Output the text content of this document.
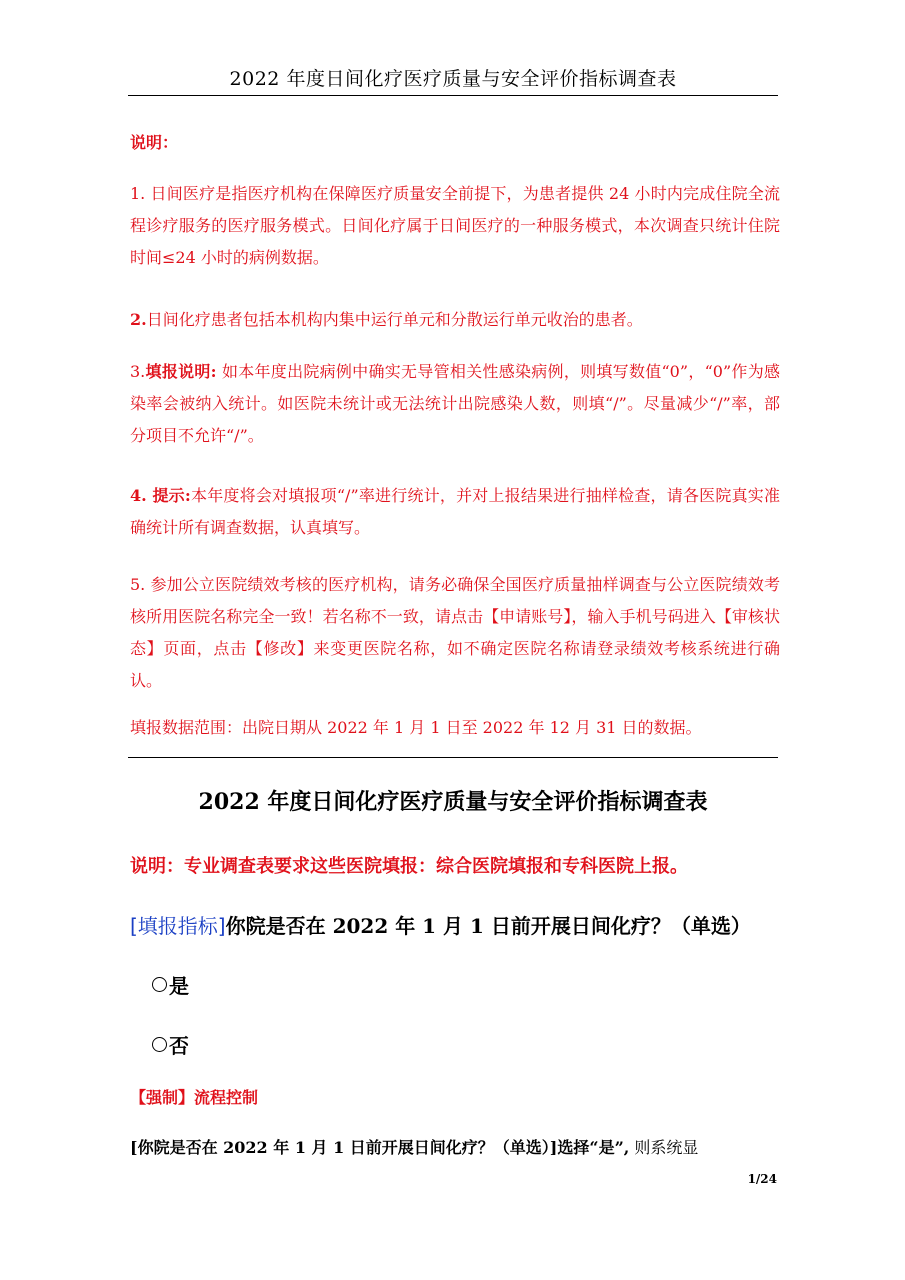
2022 年度日间化疗医疗质量与安全评价指标调查表
说明：
1. 日间医疗是指医疗机构在保障医疗质量安全前提下，为患者提供 24 小时内完成住院全流程诊疗服务的医疗服务模式。日间化疗属于日间医疗的一种服务模式，本次调查只统计住院时间≤24 小时的病例数据。
2.日间化疗患者包括本机构内集中运行单元和分散运行单元收治的患者。
3.填报说明: 如本年度出院病例中确实无导管相关性感染病例，则填写数值“0”，“0”作为感染率会被纳入统计。如医院未统计或无法统计出院感染人数，则填“/”。尽量减少“/”率，部分项目不允许“/”。
4. 提示:本年度将会对填报项“/”率进行统计，并对上报结果进行抽样检查，请各医院真实准确统计所有调查数据，认真填写。
5. 参加公立医院绩效考核的医疗机构，请务必确保全国医疗质量抽样调查与公立医院绩效考核所用医院名称完全一致！若名称不一致，请点击【申请账号】，输入手机号码进入【审核状态】页面，点击【修改】来变更医院名称，如不确定医院名称请登录绩效考核系统进行确认。
填报数据范围：出院日期从 2022 年 1 月 1 日至 2022 年 12 月 31 日的数据。
2022 年度日间化疗医疗质量与安全评价指标调查表
说明：专业调查表要求这些医院填报：综合医院填报和专科医院上报。
[填报指标]你院是否在 2022 年 1 月 1 日前开展日间化疗？（单选）
是
否
【强制】流程控制
[你院是否在 2022 年 1 月 1 日前开展日间化疗？（单选）]选择“是”, 则系统显
1/24
